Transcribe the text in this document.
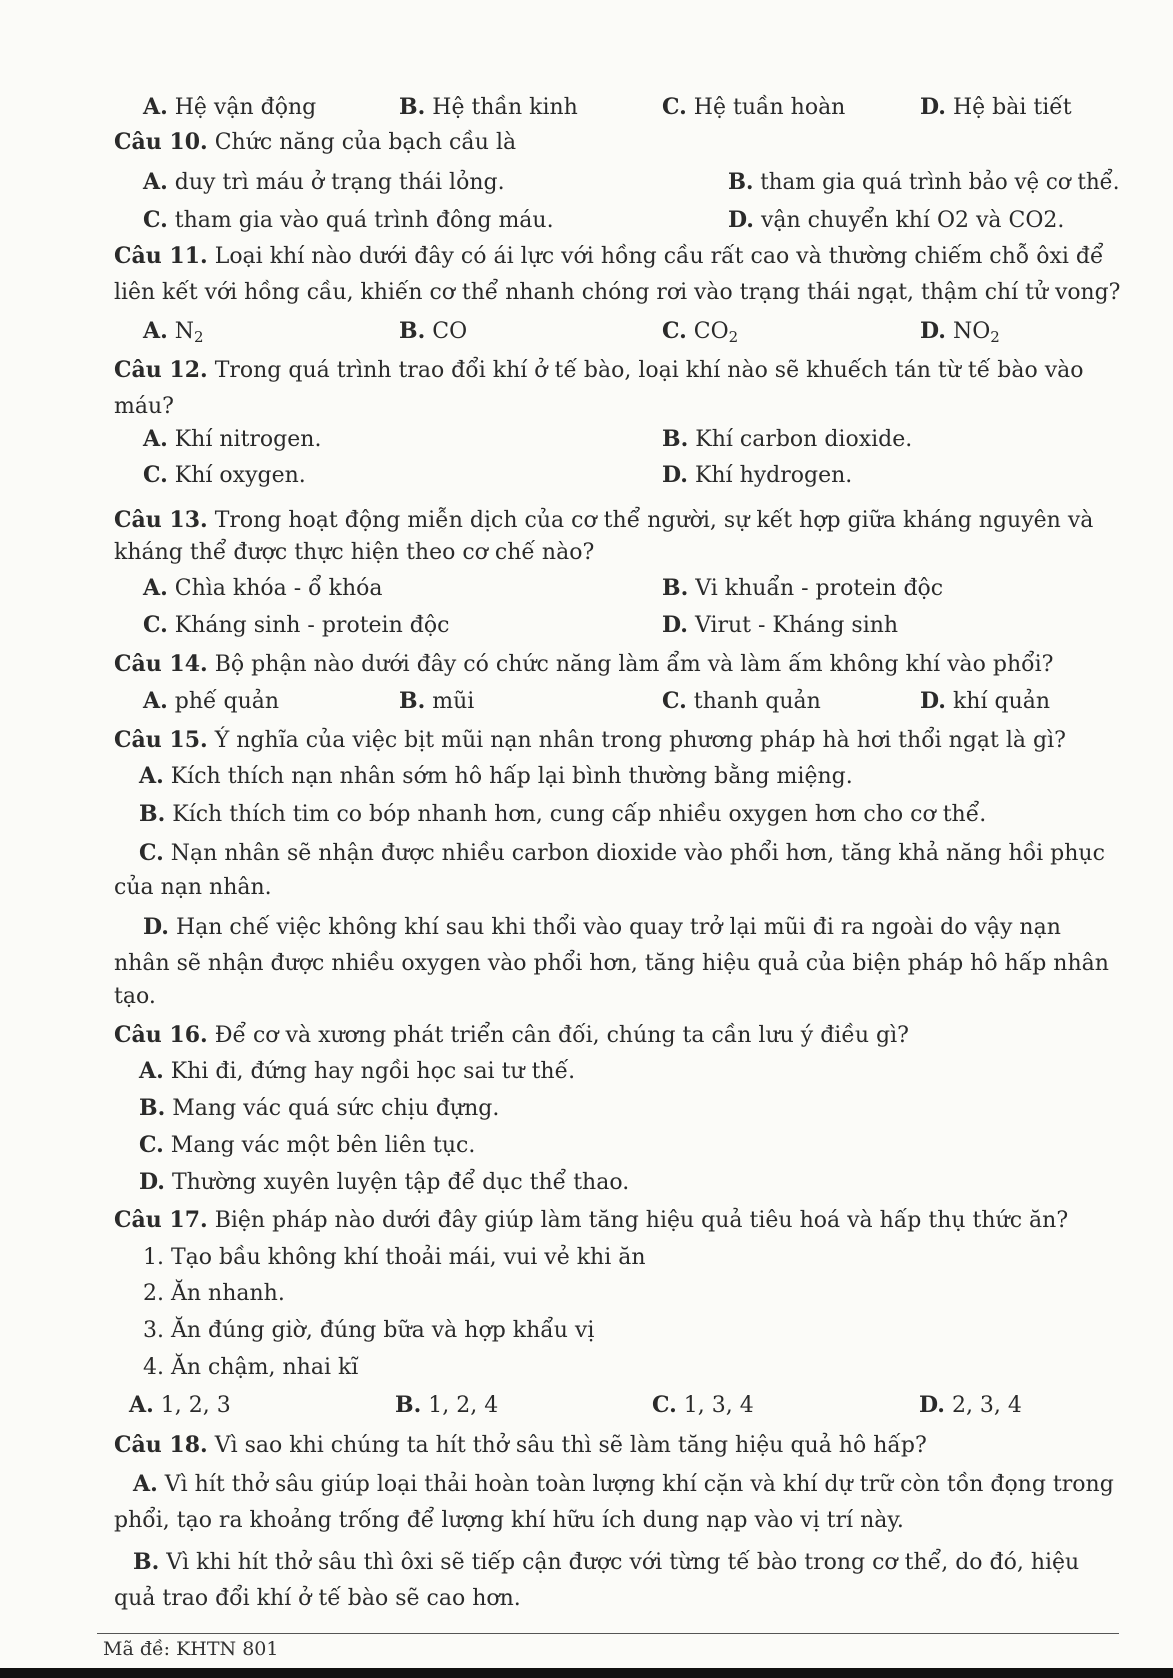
A. Hệ vận động	B. Hệ thần kinh	C. Hệ tuần hoàn	D. Hệ bài tiết
Câu 10. Chức năng của bạch cầu là
A. duy trì máu ở trạng thái lỏng.	B. tham gia quá trình bảo vệ cơ thể.
C. tham gia vào quá trình đông máu.	D. vận chuyển khí O2 và CO2.
Câu 11. Loại khí nào dưới đây có ái lực với hồng cầu rất cao và thường chiếm chỗ ôxi để
liên kết với hồng cầu, khiến cơ thể nhanh chóng rơi vào trạng thái ngạt, thậm chí tử vong?
A. $N_2$	B. CO	C. $CO_2$	D. $NO_2$
Câu 12. Trong quá trình trao đổi khí ở tế bào, loại khí nào sẽ khuếch tán từ tế bào vào
máu?
A. Khí nitrogen.	B. Khí carbon dioxide.
C. Khí oxygen.	D. Khí hydrogen.
Câu 13. Trong hoạt động miễn dịch của cơ thể người, sự kết hợp giữa kháng nguyên và
kháng thể được thực hiện theo cơ chế nào?
A. Chìa khóa - ổ khóa	B. Vi khuẩn - protein độc
C. Kháng sinh - protein độc	D. Virut - Kháng sinh
Câu 14. Bộ phận nào dưới đây có chức năng làm ẩm và làm ấm không khí vào phổi?
A. phế quản	B. mũi	C. thanh quản	D. khí quản
Câu 15. Ý nghĩa của việc bịt mũi nạn nhân trong phương pháp hà hơi thổi ngạt là gì?
A. Kích thích nạn nhân sớm hô hấp lại bình thường bằng miệng.
B. Kích thích tim co bóp nhanh hơn, cung cấp nhiều oxygen hơn cho cơ thể.
C. Nạn nhân sẽ nhận được nhiều carbon dioxide vào phổi hơn, tăng khả năng hồi phục
của nạn nhân.
D. Hạn chế việc không khí sau khi thổi vào quay trở lại mũi đi ra ngoài do vậy nạn
nhân sẽ nhận được nhiều oxygen vào phổi hơn, tăng hiệu quả của biện pháp hô hấp nhân
tạo.
Câu 16. Để cơ và xương phát triển cân đối, chúng ta cần lưu ý điều gì?
A. Khi đi, đứng hay ngồi học sai tư thế.
B. Mang vác quá sức chịu đựng.
C. Mang vác một bên liên tục.
D. Thường xuyên luyện tập để dục thể thao.
Câu 17. Biện pháp nào dưới đây giúp làm tăng hiệu quả tiêu hoá và hấp thụ thức ăn?
1. Tạo bầu không khí thoải mái, vui vẻ khi ăn
2. Ăn nhanh.
3. Ăn đúng giờ, đúng bữa và hợp khẩu vị
4. Ăn chậm, nhai kĩ
A. 1, 2, 3	B. 1, 2, 4	C. 1, 3, 4	D. 2, 3, 4
Câu 18. Vì sao khi chúng ta hít thở sâu thì sẽ làm tăng hiệu quả hô hấp?
A. Vì hít thở sâu giúp loại thải hoàn toàn lượng khí cặn và khí dự trữ còn tồn đọng trong
phổi, tạo ra khoảng trống để lượng khí hữu ích dung nạp vào vị trí này.
B. Vì khi hít thở sâu thì ôxi sẽ tiếp cận được với từng tế bào trong cơ thể, do đó, hiệu
quả trao đổi khí ở tế bào sẽ cao hơn.
Mã đề: KHTN 801
